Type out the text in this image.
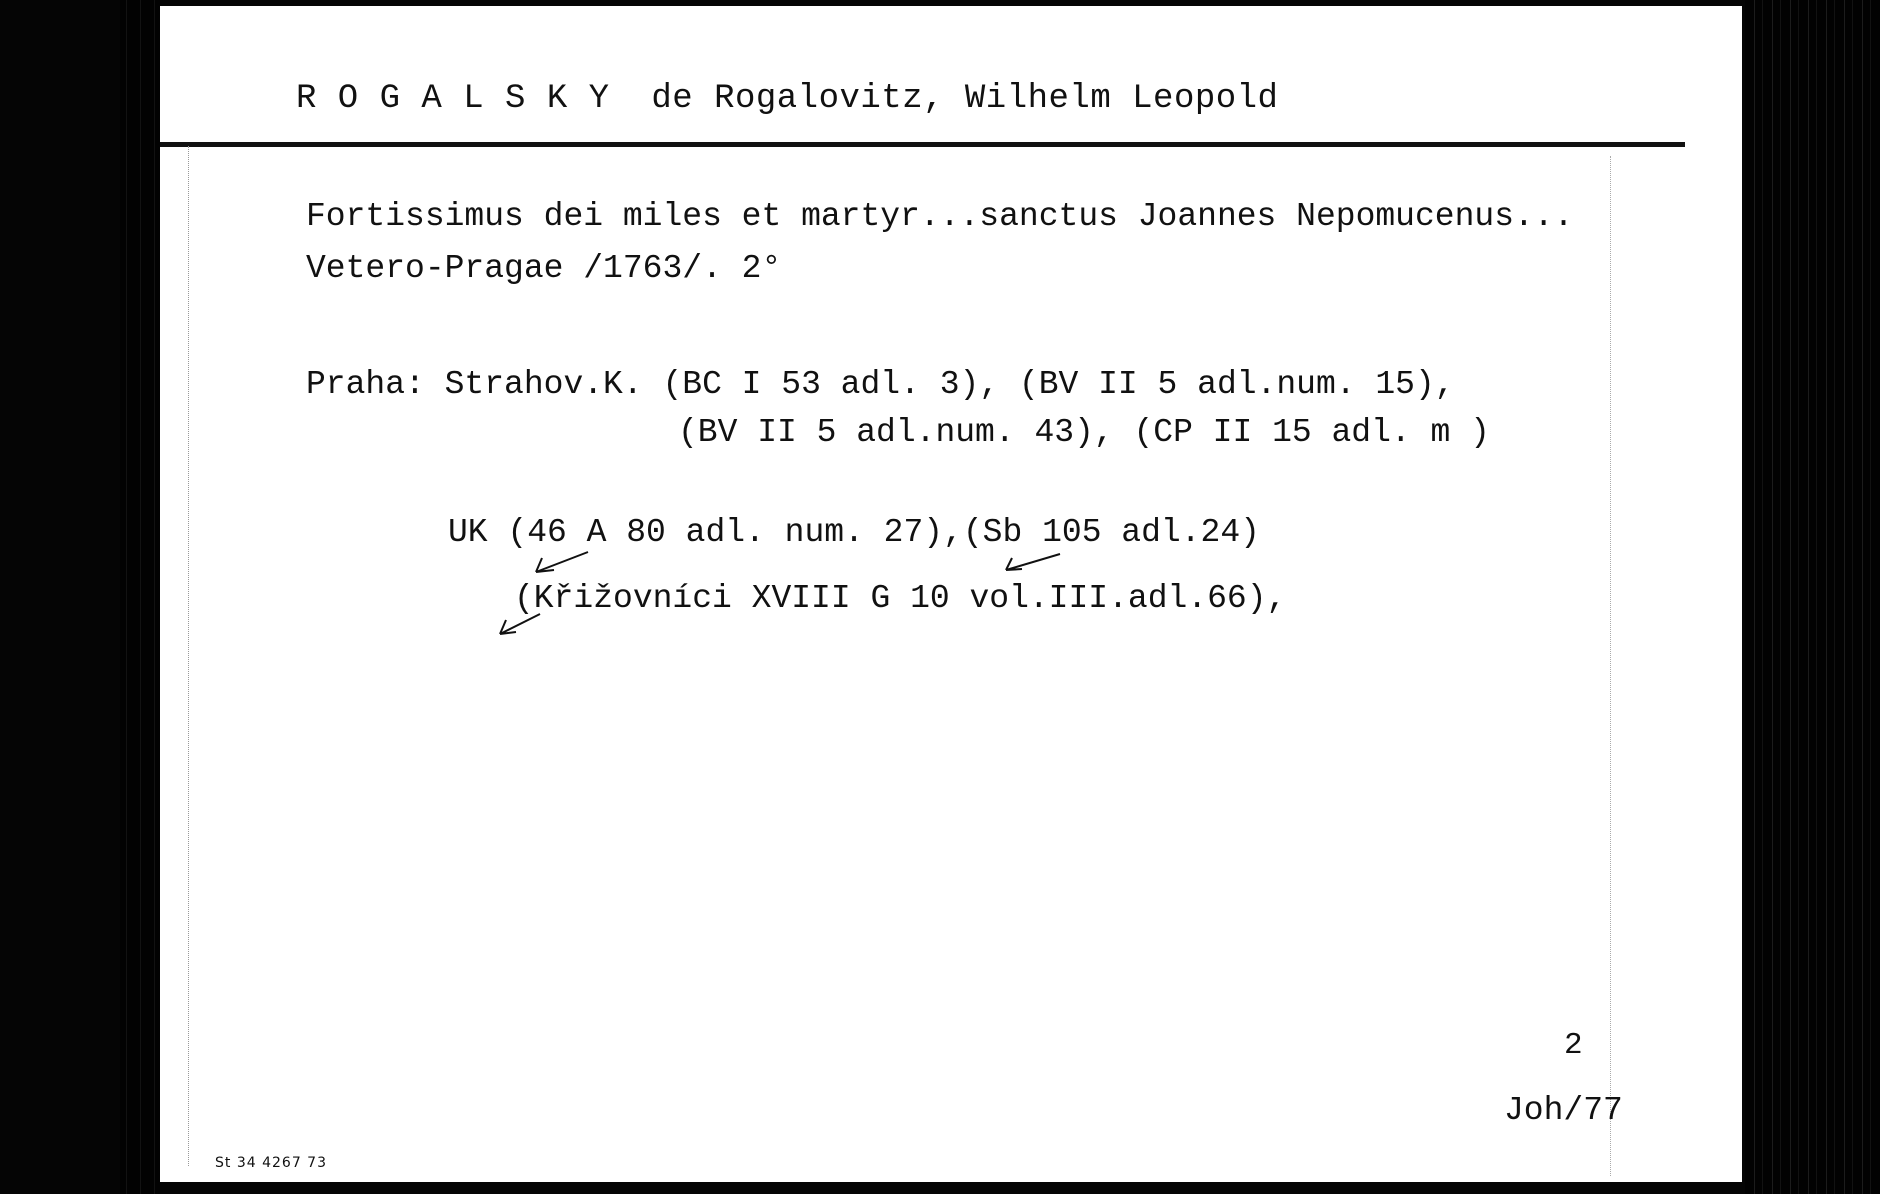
R O G A L S K Y  de Rogalovitz, Wilhelm Leopold
Fortissimus dei miles et martyr...sanctus Joannes Nepomucenus...
Vetero-Pragae /1763/. 2°
Praha: Strahov.K. (BC I 53 adl. 3), (BV II 5 adl.num. 15),
(BV II 5 adl.num. 43), (CP II 15 adl. m )
UK (46 A 80 adl. num. 27),(Sb 105 adl.24)
(Křižovníci XVIII G 10 vol.III.adl.66),
2
Joh/77
St 34 4267 73
